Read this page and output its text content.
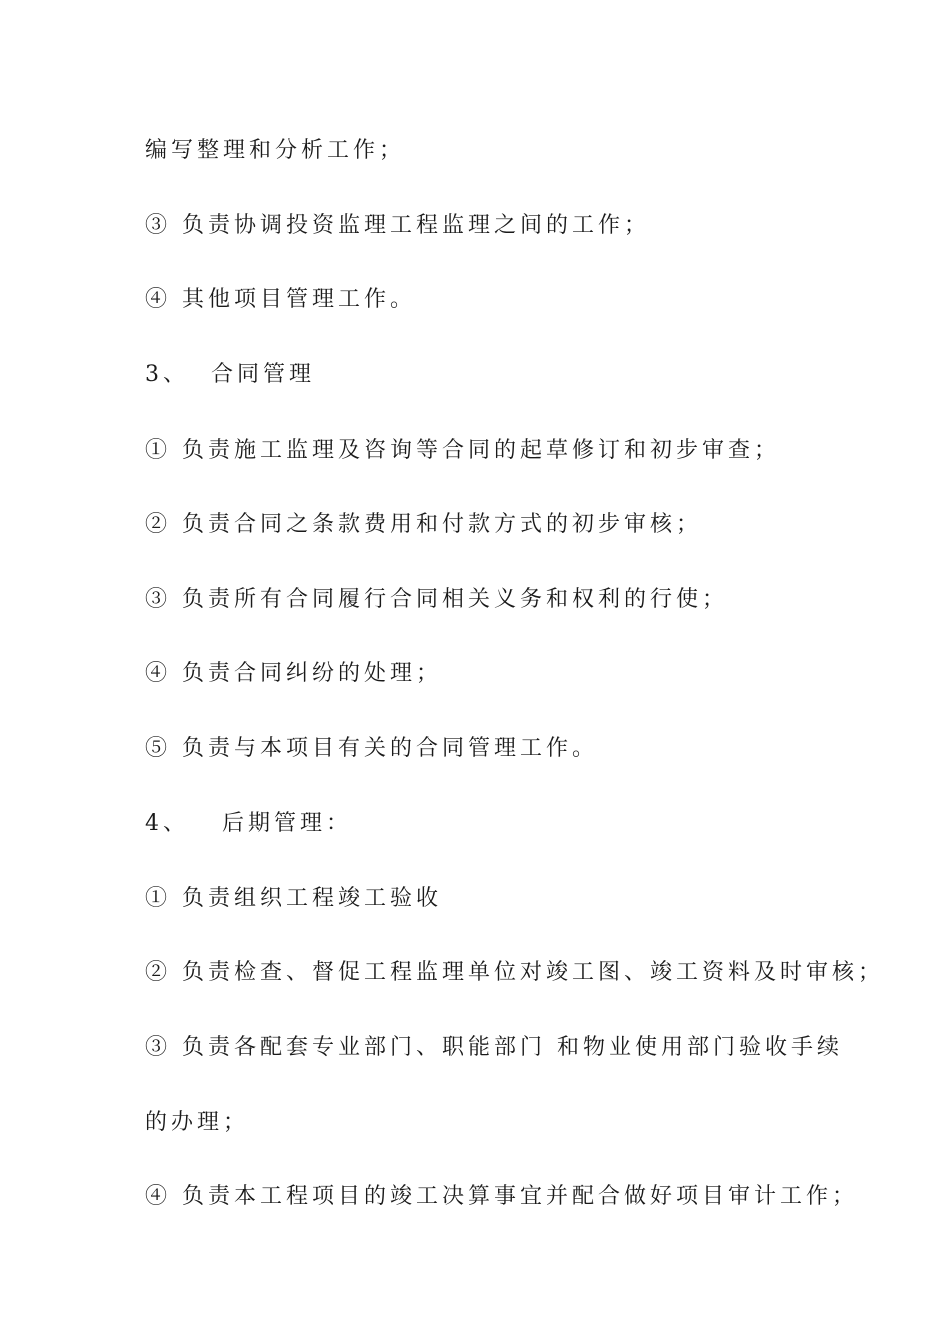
编写整理和分析工作；
③ 负责协调投资监理工程监理之间的工作；
④ 其他项目管理工作。
3、  合同管理
① 负责施工监理及咨询等合同的起草修订和初步审查；
② 负责合同之条款费用和付款方式的初步审核；
③ 负责所有合同履行合同相关义务和权利的行使；
④ 负责合同纠纷的处理；
⑤ 负责与本项目有关的合同管理工作。
4、   后期管理：
① 负责组织工程竣工验收
② 负责检查、督促工程监理单位对竣工图、竣工资料及时审核；
③ 负责各配套专业部门、职能部门 和物业使用部门验收手续
的办理；
④ 负责本工程项目的竣工决算事宜并配合做好项目审计工作；
